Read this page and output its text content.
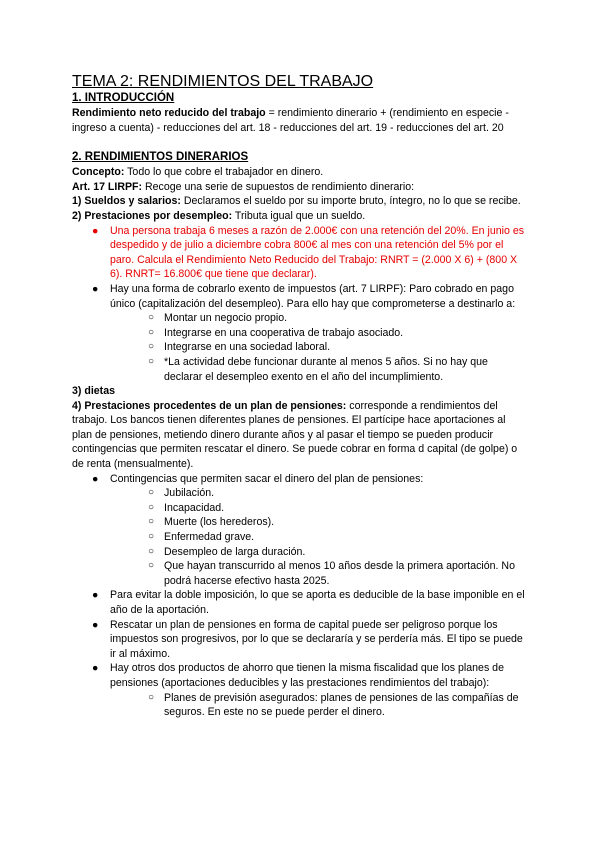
TEMA 2: RENDIMIENTOS DEL TRABAJO
1. INTRODUCCIÓN

Rendimiento neto reducido del trabajo = rendimiento dinerario + (rendimiento en especie - ingreso a cuenta) - reducciones del art. 18 - reducciones del art. 19 - reducciones del art. 20

2. RENDIMIENTOS DINERARIOS

Concepto: Todo lo que cobre el trabajador en dinero.

Art. 17 LIRPF: Recoge una serie de supuestos de rendimiento dinerario:

1) Sueldos y salarios: Declaramos el sueldo por su importe bruto, íntegro, no lo que se recibe.

2) Prestaciones por desempleo: Tributa igual que un sueldo.

● Una persona trabaja 6 meses a razón de 2.000€ con una retención del 20%. En junio es despedido y de julio a diciembre cobra 800€ al mes con una retención del 5% por el paro. Calcula el Rendimiento Neto Reducido del Trabajo: RNRT = (2.000 X 6) + (800 X 6). RNRT= 16.800€ que tiene que declarar).
● Hay una forma de cobrarlo exento de impuestos (art. 7 LIRPF): Paro cobrado en pago único (capitalización del desempleo). Para ello hay que comprometerse a destinarlo a:
○ Montar un negocio propio.
○ Integrarse en una cooperativa de trabajo asociado.
○ Integrarse en una sociedad laboral.
○ *La actividad debe funcionar durante al menos 5 años. Si no hay que declarar el desempleo exento en el año del incumplimiento.

3) dietas

4) Prestaciones procedentes de un plan de pensiones: corresponde a rendimientos del trabajo. Los bancos tienen diferentes planes de pensiones. El partícipe hace aportaciones al plan de pensiones, metiendo dinero durante años y al pasar el tiempo se pueden producir contingencias que permiten rescatar el dinero. Se puede cobrar en forma d capital (de golpe) o de renta (mensualmente).

● Contingencias que permiten sacar el dinero del plan de pensiones:
○ Jubilación.
○ Incapacidad.
○ Muerte (los herederos).
○ Enfermedad grave.
○ Desempleo de larga duración.
○ Que hayan transcurrido al menos 10 años desde la primera aportación. No podrá hacerse efectivo hasta 2025.
● Para evitar la doble imposición, lo que se aporta es deducible de la base imponible en el año de la aportación.
● Rescatar un plan de pensiones en forma de capital puede ser peligroso porque los impuestos son progresivos, por lo que se declararía y se perdería más. El tipo se puede ir al máximo.
● Hay otros dos productos de ahorro que tienen la misma fiscalidad que los planes de pensiones (aportaciones deducibles y las prestaciones rendimientos del trabajo):
○ Planes de previsión asegurados: planes de pensiones de las compañías de seguros. En este no se puede perder el dinero.
